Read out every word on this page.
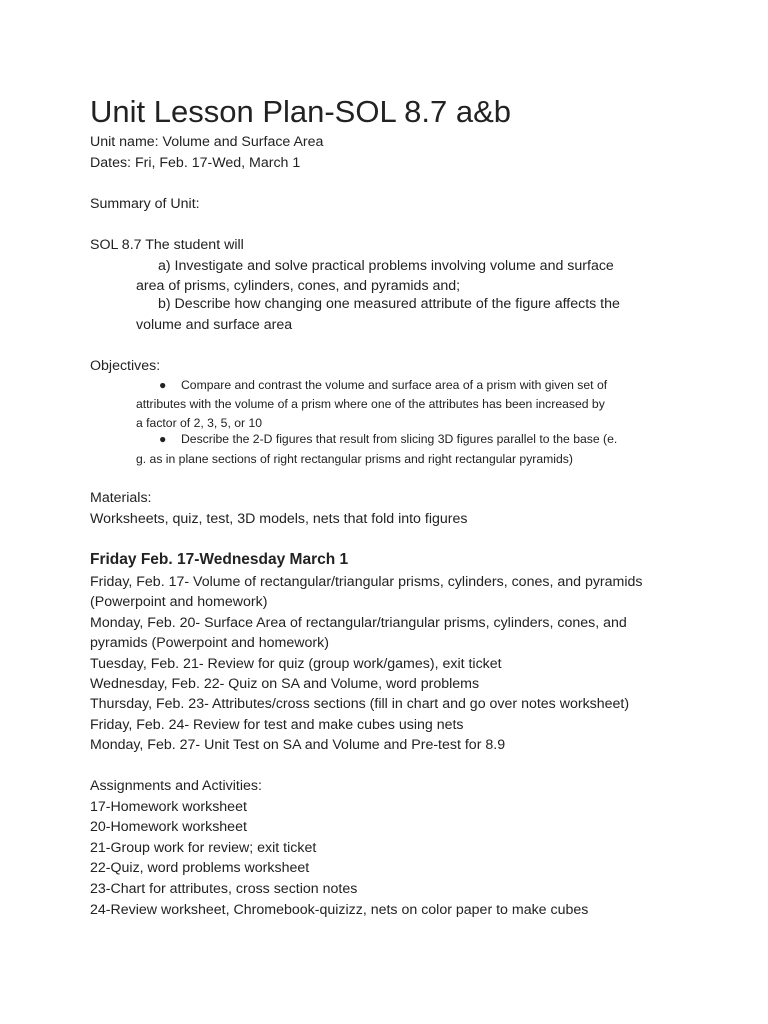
Unit Lesson Plan-SOL 8.7 a&b
Unit name: Volume and Surface Area
Dates: Fri, Feb. 17-Wed, March 1
Summary of Unit:
SOL 8.7 The student will
a) Investigate and solve practical problems involving volume and surface
area of prisms, cylinders, cones, and pyramids and;
b) Describe how changing one measured attribute of the figure affects the
volume and surface area
Objectives:
● Compare and contrast the volume and surface area of a prism with given set of
attributes with the volume of a prism where one of the attributes has been increased by
a factor of 2, 3, 5, or 10
● Describe the 2-D figures that result from slicing 3D figures parallel to the base (e.
g. as in plane sections of right rectangular prisms and right rectangular pyramids)
Materials:
Worksheets, quiz, test, 3D models, nets that fold into figures
Friday Feb. 17-Wednesday March 1
Friday, Feb. 17- Volume of rectangular/triangular prisms, cylinders, cones, and pyramids
(Powerpoint and homework)
Monday, Feb. 20- Surface Area of rectangular/triangular prisms, cylinders, cones, and
pyramids (Powerpoint and homework)
Tuesday, Feb. 21- Review for quiz (group work/games), exit ticket
Wednesday, Feb. 22- Quiz on SA and Volume, word problems
Thursday, Feb. 23- Attributes/cross sections (fill in chart and go over notes worksheet)
Friday, Feb. 24- Review for test and make cubes using nets
Monday, Feb. 27- Unit Test on SA and Volume and Pre-test for 8.9
Assignments and Activities:
17-Homework worksheet
20-Homework worksheet
21-Group work for review; exit ticket
22-Quiz, word problems worksheet
23-Chart for attributes, cross section notes
24-Review worksheet, Chromebook-quizizz, nets on color paper to make cubes
